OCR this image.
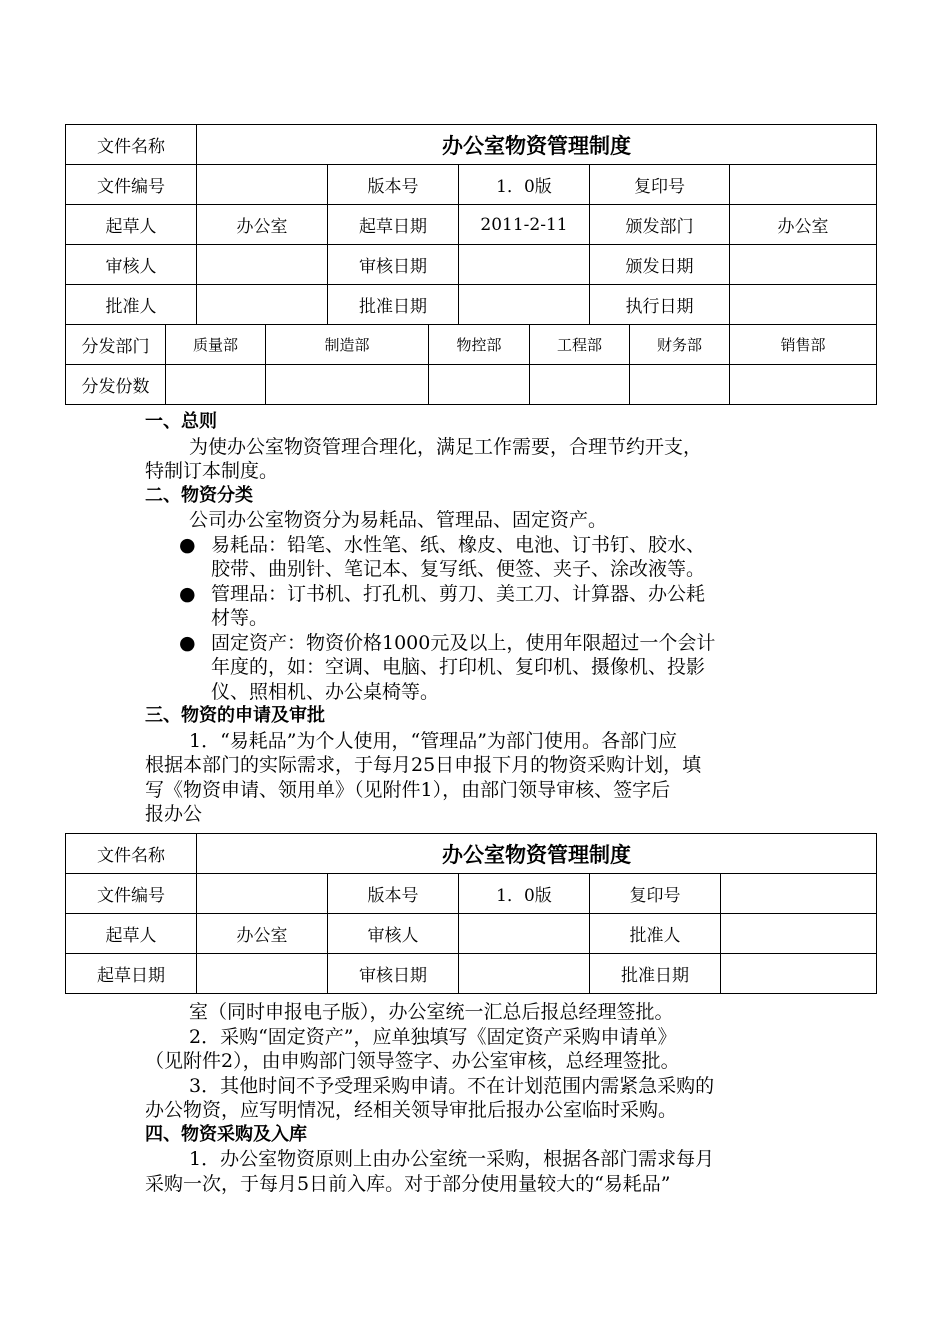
文件名称		办公室物资管理制度									
文件编号				版本号		1．0版		复印号			
起草人		办公室		起草日期		2011-2-11		颁发部门		办公室	
审核人				审核日期				颁发日期			
批准人				批准日期				执行日期			
分发部门	质量部		制造部		物控部		工程部		财务部	销售部	
分发份数											

一、总则

为使办公室物资管理合理化，满足工作需要，合理节约开支，

特制订本制度。

二、物资分类

公司办公室物资分为易耗品、管理品、固定资产。

● 易耗品：铅笔、水性笔、纸、橡皮、电池、订书钉、胶水、

胶带、曲别针、笔记本、复写纸、便签、夹子、涂改液等。

● 管理品：订书机、打孔机、剪刀、美工刀、计算器、办公耗

材等。

● 固定资产：物资价格1000元及以上，使用年限超过一个会计

年度的，如：空调、电脑、打印机、复印机、摄像机、投影

仪、照相机、办公桌椅等。

三、物资的申请及审批

1．“易耗品”为个人使用，“管理品”为部门使用。各部门应

根据本部门的实际需求，于每月25日申报下月的物资采购计划，填

写《物资申请、领用单》（见附件1），由部门领导审核、签字后

报办公

文件名称	办公室物资管理制度				
文件编号		版本号	1．0版	复印号	
起草人	办公室	审核人		批准人	
起草日期		审核日期		批准日期	

室（同时申报电子版），办公室统一汇总后报总经理签批。

2．采购“固定资产”，应单独填写《固定资产采购申请单》

（见附件2），由申购部门领导签字、办公室审核，总经理签批。

3．其他时间不予受理采购申请。不在计划范围内需紧急采购的

办公物资，应写明情况，经相关领导审批后报办公室临时采购。

四、物资采购及入库

1．办公室物资原则上由办公室统一采购，根据各部门需求每月

采购一次，于每月5日前入库。对于部分使用量较大的“易耗品”
